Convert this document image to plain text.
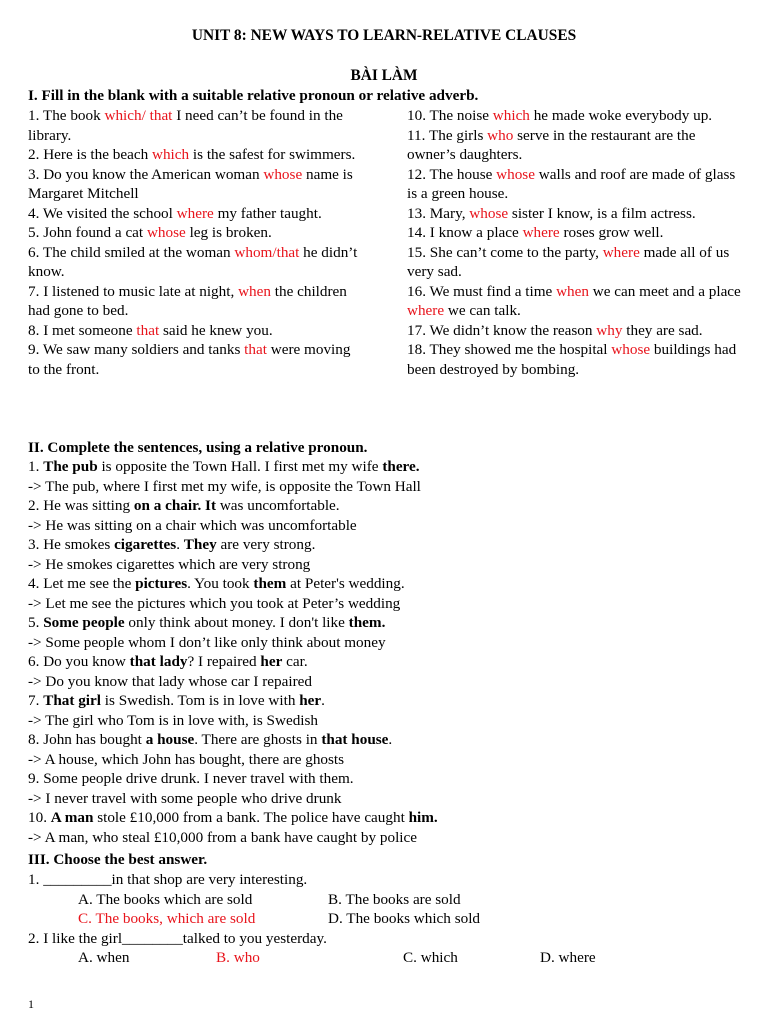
UNIT 8: NEW WAYS TO LEARN-RELATIVE CLAUSES
BÀI LÀM
I. Fill in the blank with a suitable relative pronoun or relative adverb.
1. The book which/ that I need can’t be found in the library.
2. Here is the beach which is the safest for swimmers.
3. Do you know the American woman whose name is Margaret Mitchell
4. We visited the school where my father taught.
5. John found a cat whose leg is broken.
6. The child smiled at the woman whom/that he didn’t know.
7. I listened to music late at night, when the children had gone to bed.
8. I met someone that said he knew you.
9. We saw many soldiers and tanks that were moving to the front.
10. The noise which he made woke everybody up.
11. The girls who serve in the restaurant are the owner’s daughters.
12. The house whose walls and roof are made of glass is a green house.
13. Mary, whose sister I know, is a film actress.
14. I know a place where roses grow well.
15. She can’t come to the party, where made all of us very sad.
16. We must find a time when we can meet and a place where we can talk.
17. We didn’t know the reason why they are sad.
18. They showed me the hospital whose buildings had been destroyed by bombing.
II. Complete the sentences, using a relative pronoun.
1. The pub is opposite the Town Hall. I first met my wife there.
-> The pub, where I first met my wife, is opposite the Town Hall
2. He was sitting on a chair. It was uncomfortable.
-> He was sitting on a chair which was uncomfortable
3. He smokes cigarettes. They are very strong.
-> He smokes cigarettes which are very strong
4. Let me see the pictures. You took them at Peter's wedding.
-> Let me see the pictures which you took at Peter’s wedding
5. Some people only think about money. I don't like them.
-> Some people whom I don’t like only think about money
6. Do you know that lady? I repaired her car.
-> Do you know that lady whose car I repaired
7. That girl is Swedish. Tom is in love with her.
-> The girl who Tom is in love with, is Swedish
8. John has bought a house. There are ghosts in that house.
-> A house, which John has bought, there are ghosts
9. Some people drive drunk. I never travel with them.
-> I never travel with some people who drive drunk
10. A man stole £10,000 from a bank. The police have caught him.
-> A man, who steal £10,000 from a bank have caught by police
III. Choose the best answer.
1. _________in that shop are very interesting.
A. The books which are sold	B. The books are sold
C. The books, which are sold	D. The books which sold
2. I like the girl________talked to you yesterday.
A. when	B. who	C. which	D. where
1
